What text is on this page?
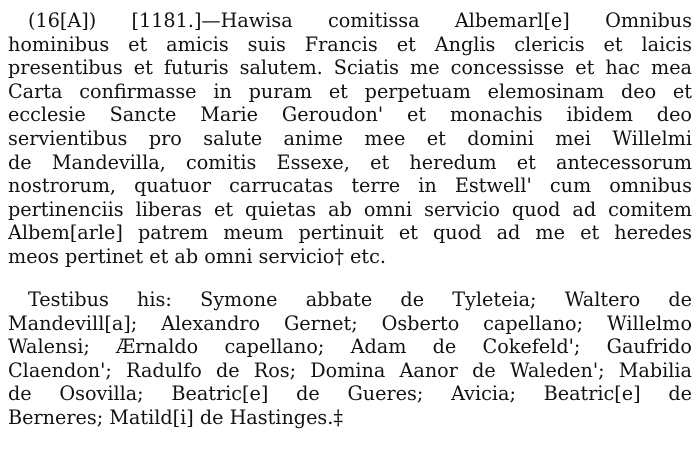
(16[A]) [1181.]—Hawisa comitissa Albemarl[e] Omnibus
hominibus et amicis suis Francis et Anglis clericis et laicis
presentibus et futuris salutem. Sciatis me concessisse et hac mea
Carta confirmasse in puram et perpetuam elemosinam deo et
ecclesie Sancte Marie Geroudon' et monachis ibidem deo
servientibus pro salute anime mee et domini mei Willelmi
de Mandevilla, comitis Essexe, et heredum et antecessorum
nostrorum, quatuor carrucatas terre in Estwell' cum omnibus
pertinenciis liberas et quietas ab omni servicio quod ad comitem
Albem[arle] patrem meum pertinuit et quod ad me et heredes
meos pertinet et ab omni servicio† etc.
Testibus his: Symone abbate de Tyleteia; Waltero de
Mandevill[a]; Alexandro Gernet; Osberto capellano; Willelmo
Walensi; Ærnaldo capellano; Adam de Cokefeld'; Gaufrido
Claendon'; Radulfo de Ros; Domina Aanor de Waleden'; Mabilia
de Osovilla; Beatric[e] de Gueres; Avicia; Beatric[e] de
Berneres; Matild[i] de Hastinges.‡
